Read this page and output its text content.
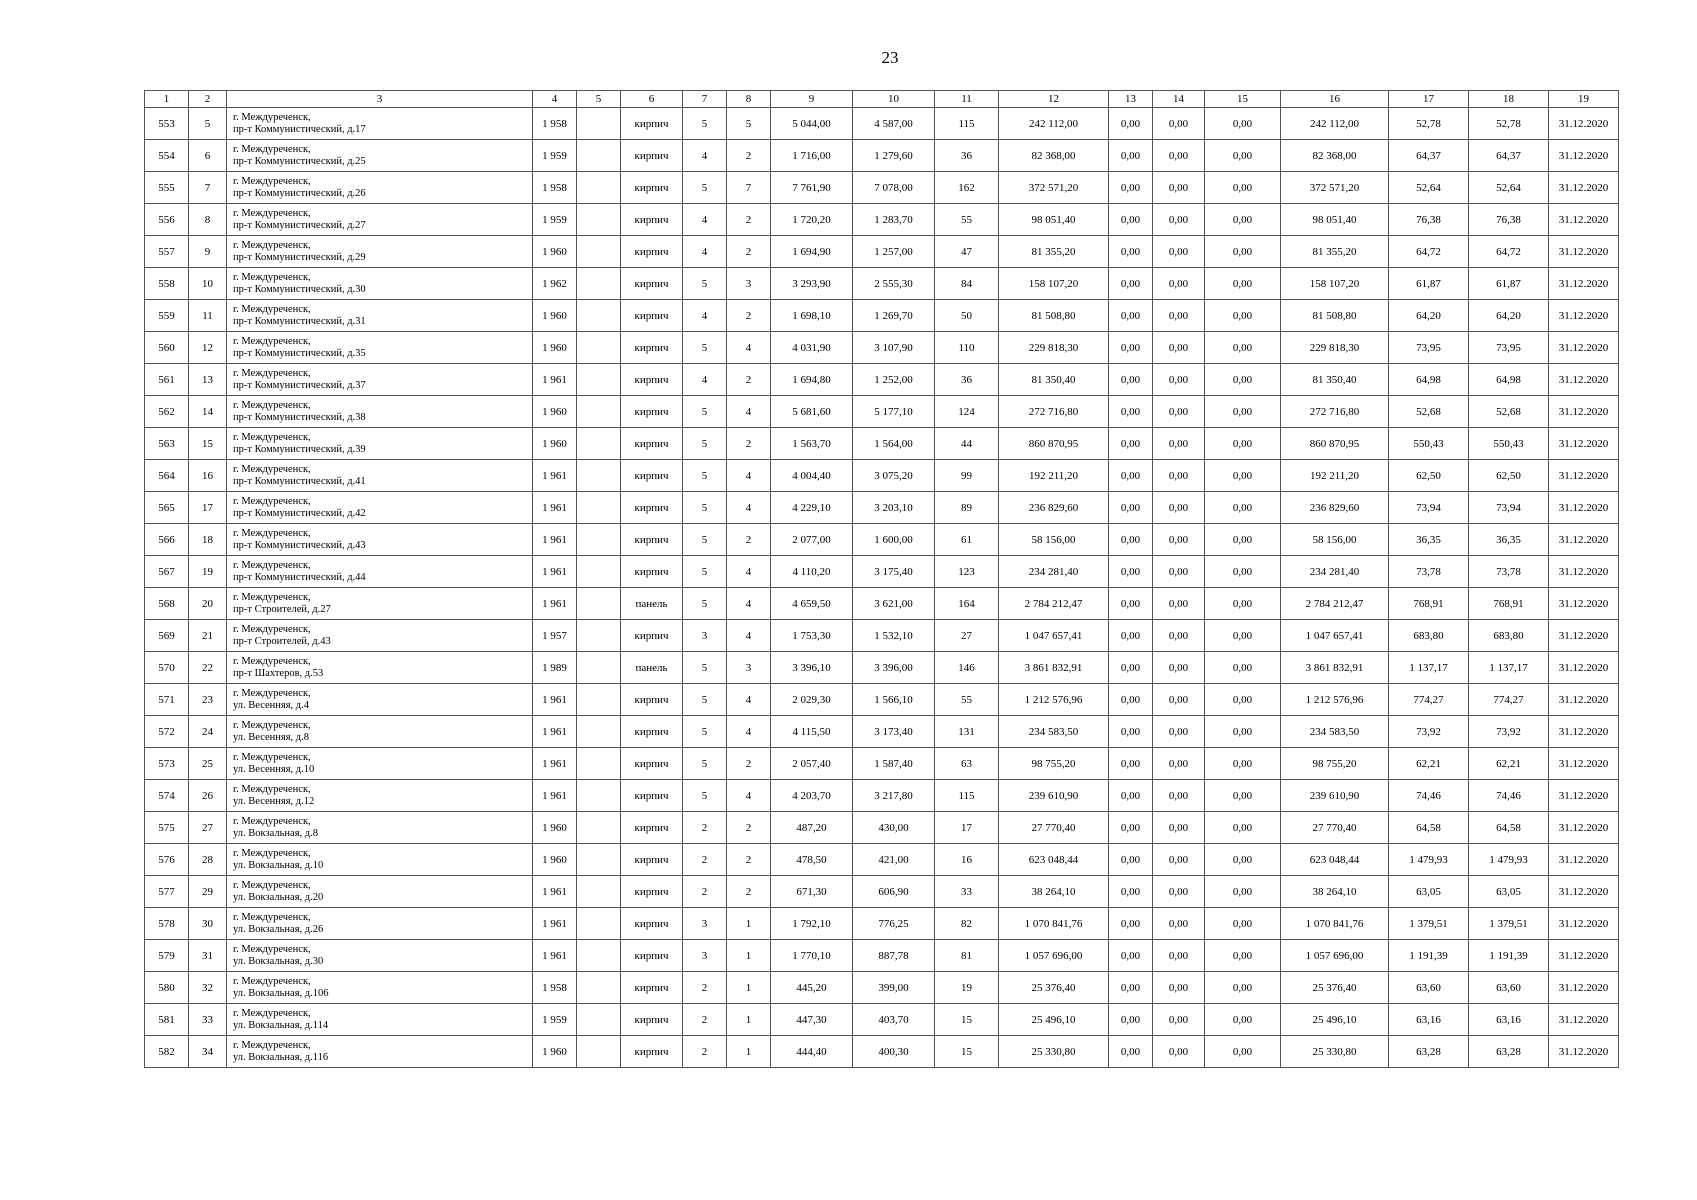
23
1	2	3	4	5	6	7	8	9	10	11	12	13	14	15	16	17	18	19
553	5	г. Междуреченск,
пр-т Коммунистический, д.17	1 958		кирпич	5	5	5 044,00	4 587,00	115	242 112,00	0,00	0,00	0,00	242 112,00	52,78	52,78	31.12.2020
554	6	г. Междуреченск,
пр-т Коммунистический, д.25	1 959		кирпич	4	2	1 716,00	1 279,60	36	82 368,00	0,00	0,00	0,00	82 368,00	64,37	64,37	31.12.2020
555	7	г. Междуреченск,
пр-т Коммунистический, д.26	1 958		кирпич	5	7	7 761,90	7 078,00	162	372 571,20	0,00	0,00	0,00	372 571,20	52,64	52,64	31.12.2020
556	8	г. Междуреченск,
пр-т Коммунистический, д.27	1 959		кирпич	4	2	1 720,20	1 283,70	55	98 051,40	0,00	0,00	0,00	98 051,40	76,38	76,38	31.12.2020
557	9	г. Междуреченск,
пр-т Коммунистический, д.29	1 960		кирпич	4	2	1 694,90	1 257,00	47	81 355,20	0,00	0,00	0,00	81 355,20	64,72	64,72	31.12.2020
558	10	г. Междуреченск,
пр-т Коммунистический, д.30	1 962		кирпич	5	3	3 293,90	2 555,30	84	158 107,20	0,00	0,00	0,00	158 107,20	61,87	61,87	31.12.2020
559	11	г. Междуреченск,
пр-т Коммунистический, д.31	1 960		кирпич	4	2	1 698,10	1 269,70	50	81 508,80	0,00	0,00	0,00	81 508,80	64,20	64,20	31.12.2020
560	12	г. Междуреченск,
пр-т Коммунистический, д.35	1 960		кирпич	5	4	4 031,90	3 107,90	110	229 818,30	0,00	0,00	0,00	229 818,30	73,95	73,95	31.12.2020
561	13	г. Междуреченск,
пр-т Коммунистический, д.37	1 961		кирпич	4	2	1 694,80	1 252,00	36	81 350,40	0,00	0,00	0,00	81 350,40	64,98	64,98	31.12.2020
562	14	г. Междуреченск,
пр-т Коммунистический, д.38	1 960		кирпич	5	4	5 681,60	5 177,10	124	272 716,80	0,00	0,00	0,00	272 716,80	52,68	52,68	31.12.2020
563	15	г. Междуреченск,
пр-т Коммунистический, д.39	1 960		кирпич	5	2	1 563,70	1 564,00	44	860 870,95	0,00	0,00	0,00	860 870,95	550,43	550,43	31.12.2020
564	16	г. Междуреченск,
пр-т Коммунистический, д.41	1 961		кирпич	5	4	4 004,40	3 075,20	99	192 211,20	0,00	0,00	0,00	192 211,20	62,50	62,50	31.12.2020
565	17	г. Междуреченск,
пр-т Коммунистический, д.42	1 961		кирпич	5	4	4 229,10	3 203,10	89	236 829,60	0,00	0,00	0,00	236 829,60	73,94	73,94	31.12.2020
566	18	г. Междуреченск,
пр-т Коммунистический, д.43	1 961		кирпич	5	2	2 077,00	1 600,00	61	58 156,00	0,00	0,00	0,00	58 156,00	36,35	36,35	31.12.2020
567	19	г. Междуреченск,
пр-т Коммунистический, д.44	1 961		кирпич	5	4	4 110,20	3 175,40	123	234 281,40	0,00	0,00	0,00	234 281,40	73,78	73,78	31.12.2020
568	20	г. Междуреченск,
пр-т Строителей, д.27	1 961		панель	5	4	4 659,50	3 621,00	164	2 784 212,47	0,00	0,00	0,00	2 784 212,47	768,91	768,91	31.12.2020
569	21	г. Междуреченск,
пр-т Строителей, д.43	1 957		кирпич	3	4	1 753,30	1 532,10	27	1 047 657,41	0,00	0,00	0,00	1 047 657,41	683,80	683,80	31.12.2020
570	22	г. Междуреченск,
пр-т Шахтеров, д.53	1 989		панель	5	3	3 396,10	3 396,00	146	3 861 832,91	0,00	0,00	0,00	3 861 832,91	1 137,17	1 137,17	31.12.2020
571	23	г. Междуреченск,
ул. Весенняя, д.4	1 961		кирпич	5	4	2 029,30	1 566,10	55	1 212 576,96	0,00	0,00	0,00	1 212 576,96	774,27	774,27	31.12.2020
572	24	г. Междуреченск,
ул. Весенняя, д.8	1 961		кирпич	5	4	4 115,50	3 173,40	131	234 583,50	0,00	0,00	0,00	234 583,50	73,92	73,92	31.12.2020
573	25	г. Междуреченск,
ул. Весенняя, д.10	1 961		кирпич	5	2	2 057,40	1 587,40	63	98 755,20	0,00	0,00	0,00	98 755,20	62,21	62,21	31.12.2020
574	26	г. Междуреченск,
ул. Весенняя, д.12	1 961		кирпич	5	4	4 203,70	3 217,80	115	239 610,90	0,00	0,00	0,00	239 610,90	74,46	74,46	31.12.2020
575	27	г. Междуреченск,
ул. Вокзальная, д.8	1 960		кирпич	2	2	487,20	430,00	17	27 770,40	0,00	0,00	0,00	27 770,40	64,58	64,58	31.12.2020
576	28	г. Междуреченск,
ул. Вокзальная, д.10	1 960		кирпич	2	2	478,50	421,00	16	623 048,44	0,00	0,00	0,00	623 048,44	1 479,93	1 479,93	31.12.2020
577	29	г. Междуреченск,
ул. Вокзальная, д.20	1 961		кирпич	2	2	671,30	606,90	33	38 264,10	0,00	0,00	0,00	38 264,10	63,05	63,05	31.12.2020
578	30	г. Междуреченск,
ул. Вокзальная, д.26	1 961		кирпич	3	1	1 792,10	776,25	82	1 070 841,76	0,00	0,00	0,00	1 070 841,76	1 379,51	1 379,51	31.12.2020
579	31	г. Междуреченск,
ул. Вокзальная, д.30	1 961		кирпич	3	1	1 770,10	887,78	81	1 057 696,00	0,00	0,00	0,00	1 057 696,00	1 191,39	1 191,39	31.12.2020
580	32	г. Междуреченск,
ул. Вокзальная, д.106	1 958		кирпич	2	1	445,20	399,00	19	25 376,40	0,00	0,00	0,00	25 376,40	63,60	63,60	31.12.2020
581	33	г. Междуреченск,
ул. Вокзальная, д.114	1 959		кирпич	2	1	447,30	403,70	15	25 496,10	0,00	0,00	0,00	25 496,10	63,16	63,16	31.12.2020
582	34	г. Междуреченск,
ул. Вокзальная, д.116	1 960		кирпич	2	1	444,40	400,30	15	25 330,80	0,00	0,00	0,00	25 330,80	63,28	63,28	31.12.2020
